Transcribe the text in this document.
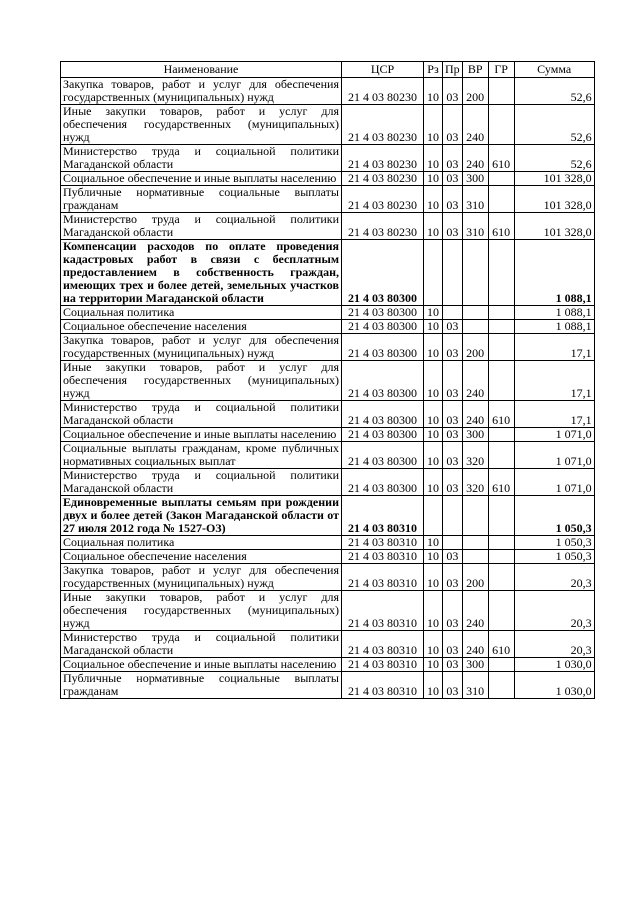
Наименование	ЦСР	Рз	Пр	ВР	ГР	Сумма
Закупка товаров, работ и услуг для обеспечения государственных (муниципальных) нужд	21 4 03 80230	10	03	200		52,6
Иные закупки товаров, работ и услуг для обеспечения государственных (муниципальных) нужд	21 4 03 80230	10	03	240		52,6
Министерство труда и социальной политики Магаданской области	21 4 03 80230	10	03	240	610	52,6
Социальное обеспечение и иные выплаты населению	21 4 03 80230	10	03	300		101 328,0
Публичные нормативные социальные выплаты гражданам	21 4 03 80230	10	03	310		101 328,0
Министерство труда и социальной политики Магаданской области	21 4 03 80230	10	03	310	610	101 328,0
Компенсации расходов по оплате проведения кадастровых работ в связи с бесплатным предоставлением в собственность граждан, имеющих трех и более детей, земельных участков на территории Магаданской области	21 4 03 80300					1 088,1
Социальная политика	21 4 03 80300	10				1 088,1
Социальное обеспечение населения	21 4 03 80300	10	03			1 088,1
Закупка товаров, работ и услуг для обеспечения государственных (муниципальных) нужд	21 4 03 80300	10	03	200		17,1
Иные закупки товаров, работ и услуг для обеспечения государственных (муниципальных) нужд	21 4 03 80300	10	03	240		17,1
Министерство труда и социальной политики Магаданской области	21 4 03 80300	10	03	240	610	17,1
Социальное обеспечение и иные выплаты населению	21 4 03 80300	10	03	300		1 071,0
Социальные выплаты гражданам, кроме публичных нормативных социальных выплат	21 4 03 80300	10	03	320		1 071,0
Министерство труда и социальной политики Магаданской области	21 4 03 80300	10	03	320	610	1 071,0
Единовременные выплаты семьям при рождении двух и более детей (Закон Магаданской области от 27 июля 2012 года № 1527-ОЗ)	21 4 03 80310					1 050,3
Социальная политика	21 4 03 80310	10				1 050,3
Социальное обеспечение населения	21 4 03 80310	10	03			1 050,3
Закупка товаров, работ и услуг для обеспечения государственных (муниципальных) нужд	21 4 03 80310	10	03	200		20,3
Иные закупки товаров, работ и услуг для обеспечения государственных (муниципальных) нужд	21 4 03 80310	10	03	240		20,3
Министерство труда и социальной политики Магаданской области	21 4 03 80310	10	03	240	610	20,3
Социальное обеспечение и иные выплаты населению	21 4 03 80310	10	03	300		1 030,0
Публичные нормативные социальные выплаты гражданам	21 4 03 80310	10	03	310		1 030,0
